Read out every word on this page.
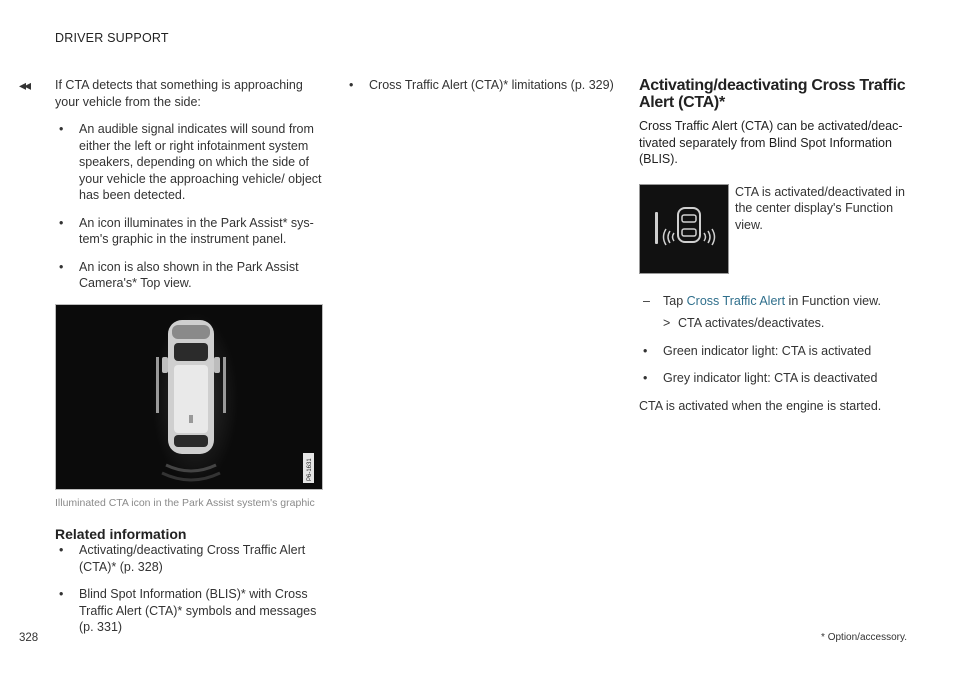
DRIVER SUPPORT
◂◂ If CTA detects that something is approaching your vehicle from the side:

• An audible signal indicates will sound from either the left or right infotainment system speakers, depending on which the side of your vehicle the approaching vehicle/ object has been detected.
• An icon illuminates in the Park Assist* sys-tem's graphic in the instrument panel.
• An icon is also shown in the Park Assist Camera's* Top view.
P6-1631
Illuminated CTA icon in the Park Assist system's graphic
Related information
• Activating/deactivating Cross Traffic Alert (CTA)* (p. 328)
• Blind Spot Information (BLIS)* with Cross Traffic Alert (CTA)* symbols and messages (p. 331)
• Cross Traffic Alert (CTA)* limitations (p. 329)	Activating/deactivating Cross Traffic Alert (CTA)*

Cross Traffic Alert (CTA) can be activated/deac-tivated separately from Blind Spot Information (BLIS).

CTA is activated/deactivated in the center display's Function view.
– Tap Cross Traffic Alert in Function view.
> CTA activates/deactivates.
• Green indicator light: CTA is activated
• Grey indicator light: CTA is deactivated

CTA is activated when the engine is started.

328	* Option/accessory.
